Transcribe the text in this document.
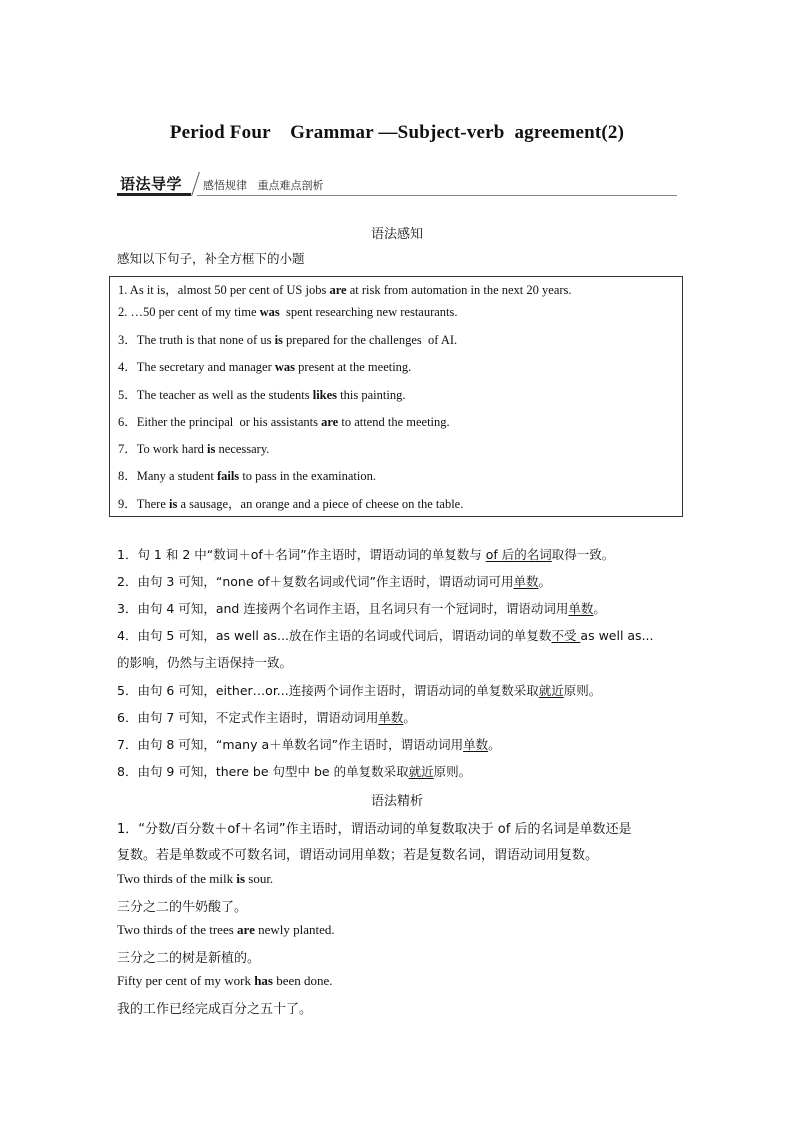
Period Four    Grammar —Subject-verb  agreement(2)
语法导学 感悟规律   重点难点剖析
语法感知
感知以下句子，补全方框下的小题
1. As it is，almost 50 per cent of US jobs are at risk from automation in the next 20 years.
2. …50 per cent of my time was  spent researching new restaurants.
3．The truth is that none of us is prepared for the challenges  of AI.
4．The secretary and manager was present at the meeting.
5．The teacher as well as the students likes this painting.
6．Either the principal  or his assistants are to attend the meeting.
7．To work hard is necessary.
8．Many a student fails to pass in the examination.
9．There is a sausage，an orange and a piece of cheese on the table.
1．句 1 和 2 中“数词＋of＋名词”作主语时，谓语动词的单复数与 of 后的名词取得一致。
2．由句 3 可知，“none of＋复数名词或代词”作主语时，谓语动词可用单数。
3．由句 4 可知，and 连接两个名词作主语，且名词只有一个冠词时，谓语动词用单数。
4．由句 5 可知，as well as...放在作主语的名词或代词后，谓语动词的单复数不受 as well as...
的影响，仍然与主语保持一致。
5．由句 6 可知，either…or...连接两个词作主语时，谓语动词的单复数采取就近原则。
6．由句 7 可知，不定式作主语时，谓语动词用单数。
7．由句 8 可知，“many a＋单数名词”作主语时，谓语动词用单数。
8．由句 9 可知，there be 句型中 be 的单复数采取就近原则。
语法精析
1．“分数/百分数＋of＋名词”作主语时，谓语动词的单复数取决于 of 后的名词是单数还是
复数。若是单数或不可数名词，谓语动词用单数；若是复数名词，谓语动词用复数。
Two thirds of the milk is sour.
三分之二的牛奶酸了。
Two thirds of the trees are newly planted.
三分之二的树是新植的。
Fifty per cent of my work has been done.
我的工作已经完成百分之五十了。
